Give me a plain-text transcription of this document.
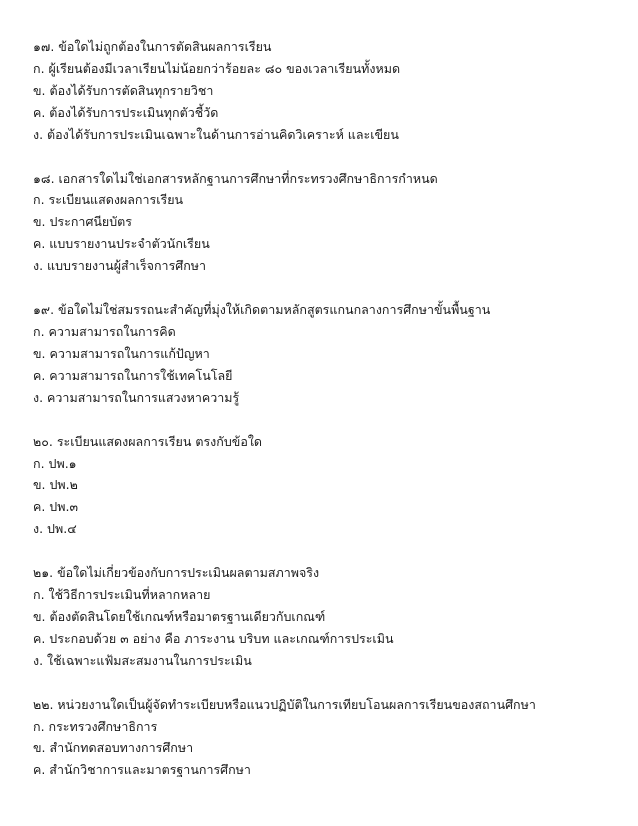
๑๗. ข้อใดไม่ถูกต้องในการตัดสินผลการเรียน
ก. ผู้เรียนต้องมีเวลาเรียนไม่น้อยกว่าร้อยละ ๘๐ ของเวลาเรียนทั้งหมด
ข. ต้องได้รับการตัดสินทุกรายวิชา
ค. ต้องได้รับการประเมินทุกตัวชี้วัด
ง. ต้องได้รับการประเมินเฉพาะในด้านการอ่านคิดวิเคราะห์ และเขียน
๑๘. เอกสารใดไม่ใช่เอกสารหลักฐานการศึกษาที่กระทรวงศึกษาธิการกำหนด
ก. ระเบียนแสดงผลการเรียน
ข. ประกาศนียบัตร
ค. แบบรายงานประจำตัวนักเรียน
ง. แบบรายงานผู้สำเร็จการศึกษา
๑๙. ข้อใดไม่ใช่สมรรถนะสำคัญที่มุ่งให้เกิดตามหลักสูตรแกนกลางการศึกษาขั้นพื้นฐาน
ก. ความสามารถในการคิด
ข. ความสามารถในการแก้ปัญหา
ค. ความสามารถในการใช้เทคโนโลยี
ง. ความสามารถในการแสวงหาความรู้
๒๐. ระเบียนแสดงผลการเรียน ตรงกับข้อใด
ก. ปพ.๑
ข. ปพ.๒
ค. ปพ.๓
ง. ปพ.๔
๒๑. ข้อใดไม่เกี่ยวข้องกับการประเมินผลตามสภาพจริง
ก. ใช้วิธีการประเมินที่หลากหลาย
ข. ต้องตัดสินโดยใช้เกณฑ์หรือมาตรฐานเดียวกับเกณฑ์
ค. ประกอบด้วย ๓ อย่าง คือ ภาระงาน บริบท และเกณฑ์การประเมิน
ง. ใช้เฉพาะแฟ้มสะสมงานในการประเมิน
๒๒. หน่วยงานใดเป็นผู้จัดทำระเบียบหรือแนวปฏิบัติในการเทียบโอนผลการเรียนของสถานศึกษา
ก. กระทรวงศึกษาธิการ
ข. สำนักทดสอบทางการศึกษา
ค. สำนักวิชาการและมาตรฐานการศึกษา
